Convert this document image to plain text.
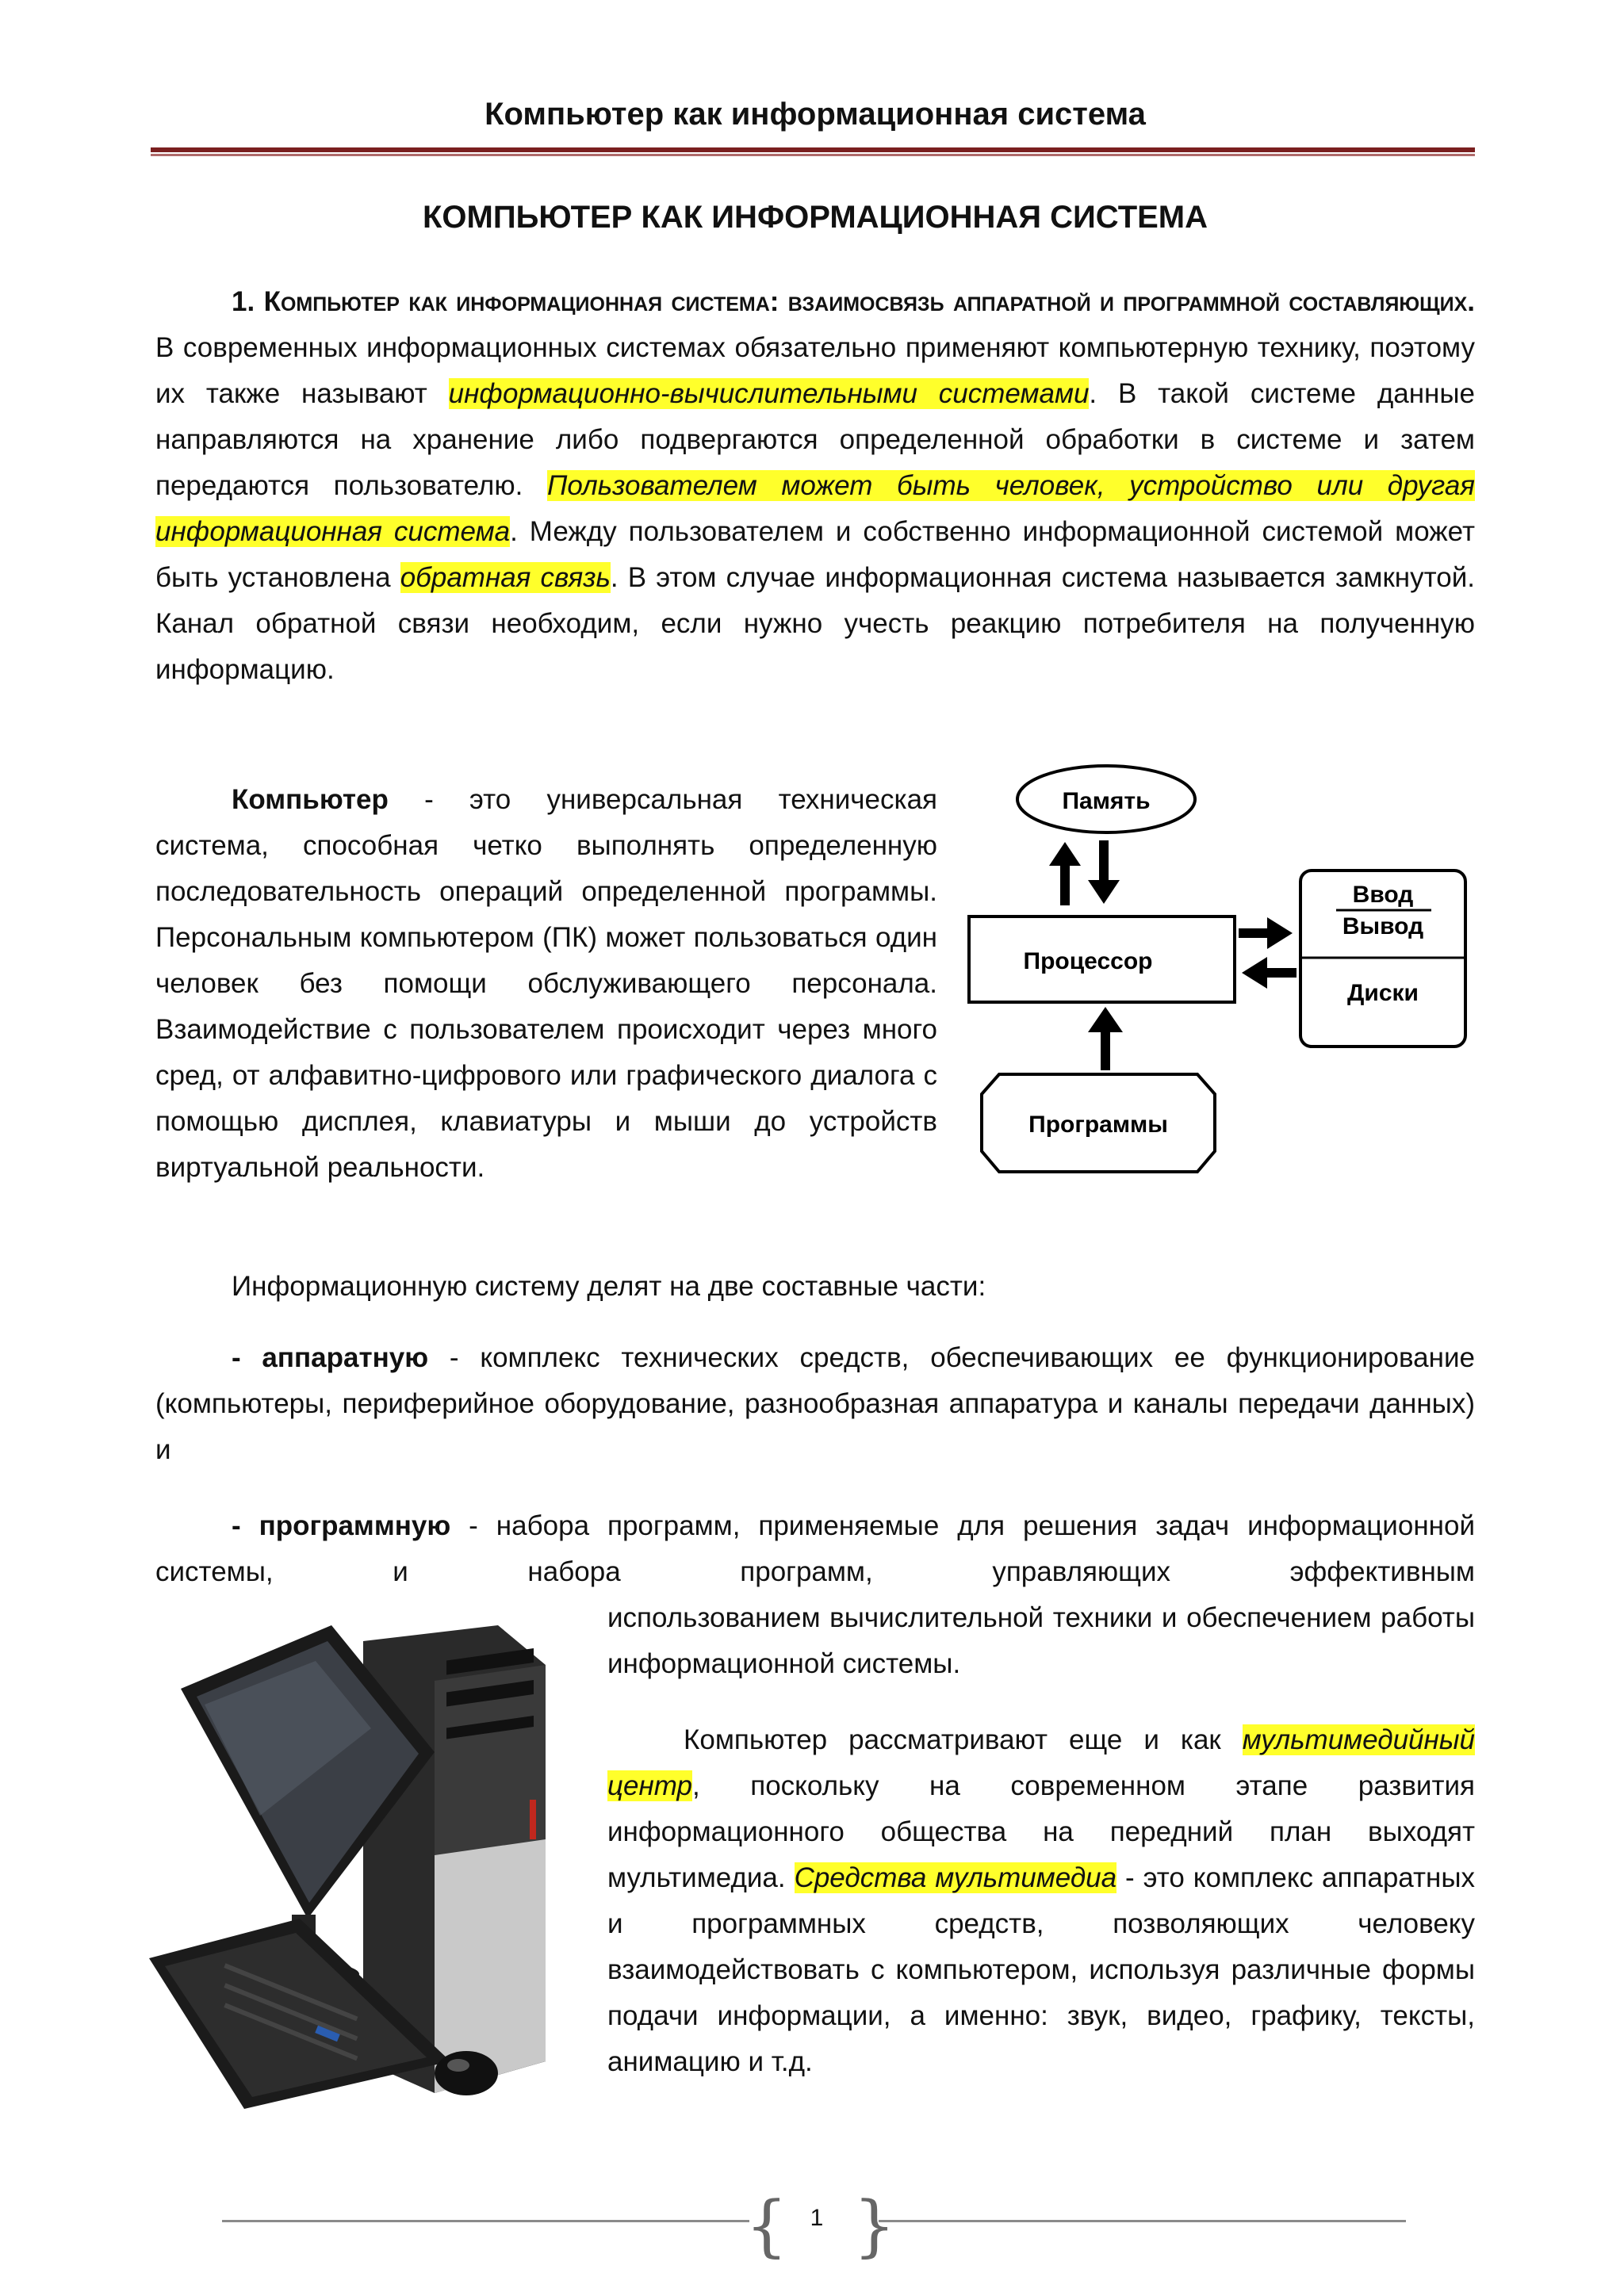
Компьютер как информационная система
КОМПЬЮТЕР КАК ИНФОРМАЦИОННАЯ СИСТЕМА

1. Компьютер как информационная система: взаимосвязь аппаратной и программной составляющих. В современных информационных системах обязательно применяют компьютерную технику, поэтому их также называют информационно-вычислительными системами. В такой системе данные направляются на хранение либо подвергаются определенной обработки в системе и затем передаются пользователю. Пользователем может быть человек, устройство или другая информационная система. Между пользователем и собственно информационной системой может быть установлена обратная связь. В этом случае информационная система называется замкнутой. Канал обратной связи необходим, если нужно учесть реакцию потребителя на полученную информацию.

Компьютер - это универсальная техническая система, способная четко выполнять определенную последовательность операций определенной программы. Персональным компьютером (ПК) может пользоваться один человек без помощи обслуживающего персонала. Взаимодействие с пользователем происходит через много сред, от алфавитно-цифрового или графического диалога с помощью дисплея, клавиатуры и мыши до устройств виртуальной реальности.

Память
Процессор
Ввод
Вывод
Диски
Программы

Информационную систему делят на две составные части:

- аппаратную - комплекс технических средств, обеспечивающих ее функционирование (компьютеры, периферийное оборудование, разнообразная аппаратура и каналы передачи данных) и

- программную - набора программ, применяемые для решения задач информационной системы, и набора программ, управляющих эффективным

использованием вычислительной техники и обеспечением работы информационной системы.

Компьютер рассматривают еще и как мультимедийный центр, поскольку на современном этапе развития информационного общества на передний план выходят мультимедиа. Средства мультимедиа - это комплекс аппаратных и программных средств, позволяющих человеку взаимодействовать с компьютером, используя различные формы подачи информации, а именно: звук, видео, графику, тексты, анимацию и т.д.

{ }
1
